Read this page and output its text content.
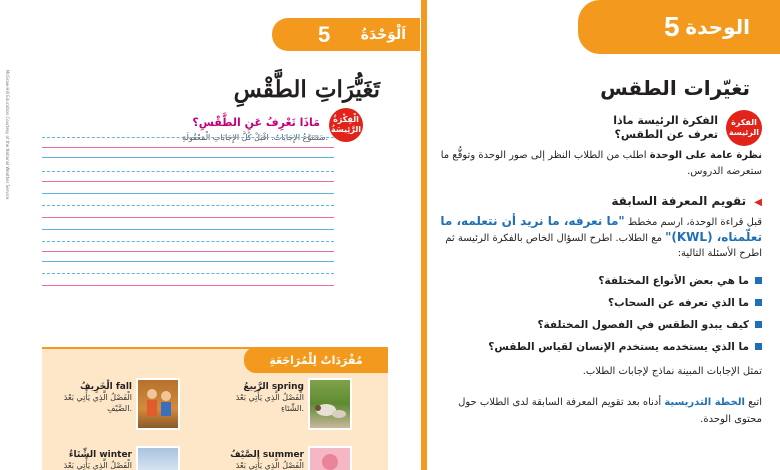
McGraw-Hill Education Courtesy of the National Weather Service
5 اَلْوَحْدَةُ
تَغَيُّرَاتِ الطَّقْسِ
الْفِكْرَةُ الرَّئِيسَةُ
مَاذَا تَعْرِفُ عَنِ الطَّقْسِ؟
سَتَتَنَوَّعُ الإِجَابَاتُ. اقْبَلْ كُلَّ الإِجَابَاتِ الْمَعْقُولَةِ.
مُفْرَدَاتٌ لِلْمُرَاجَعَةِ
الرَّبِيعُ spring
الْفَصْلُ الَّذِي يَأْتِي بَعْدَ الشِّتَاءِ.
الْخَرِيفُ fall
الْفَصْلُ الَّذِي يَأْتِي بَعْدَ الصَّيْفِ.
الصَّيْفُ summer
الْفَصْلُ الَّذِي يَأْتِي بَعْدَ
الشِّتَاءُ winter
الْفَصْلُ الَّذِي يَأْتِي بَعْدَ
5 الوحدة
تغيّرات الطقس
الفكرة الرئيسة
الفكرة الرئيسة ماذا تعرف عن الطقس؟
نظرة عامة على الوحدة اطلب من الطلاب النظر إلى صور الوحدة وتوقُّع ما ستعرضه الدروس.
◀ تقويم المعرفة السابقة
قبل قراءة الوحدة، ارسم مخطط "ما نعرفه، ما نريد أن نتعلمه، ما تعلّمناه، (KWL)" مع الطلاب. اطرح السؤال الخاص بالفكرة الرئيسة ثم اطرح الأسئلة التالية:
ما هي بعض الأنواع المختلفة؟
ما الذي تعرفه عن السحاب؟
كيف يبدو الطقس في الفصول المختلفة؟
ما الذي يستخدمه يستخدم الإنسان لقياس الطقس؟
تمثل الإجابات المبينة نماذج لإجابات الطلاب.
اتبع الخطة التدريسية أدناه بعد تقويم المعرفة السابقة لدى الطلاب حول محتوى الوحدة.
